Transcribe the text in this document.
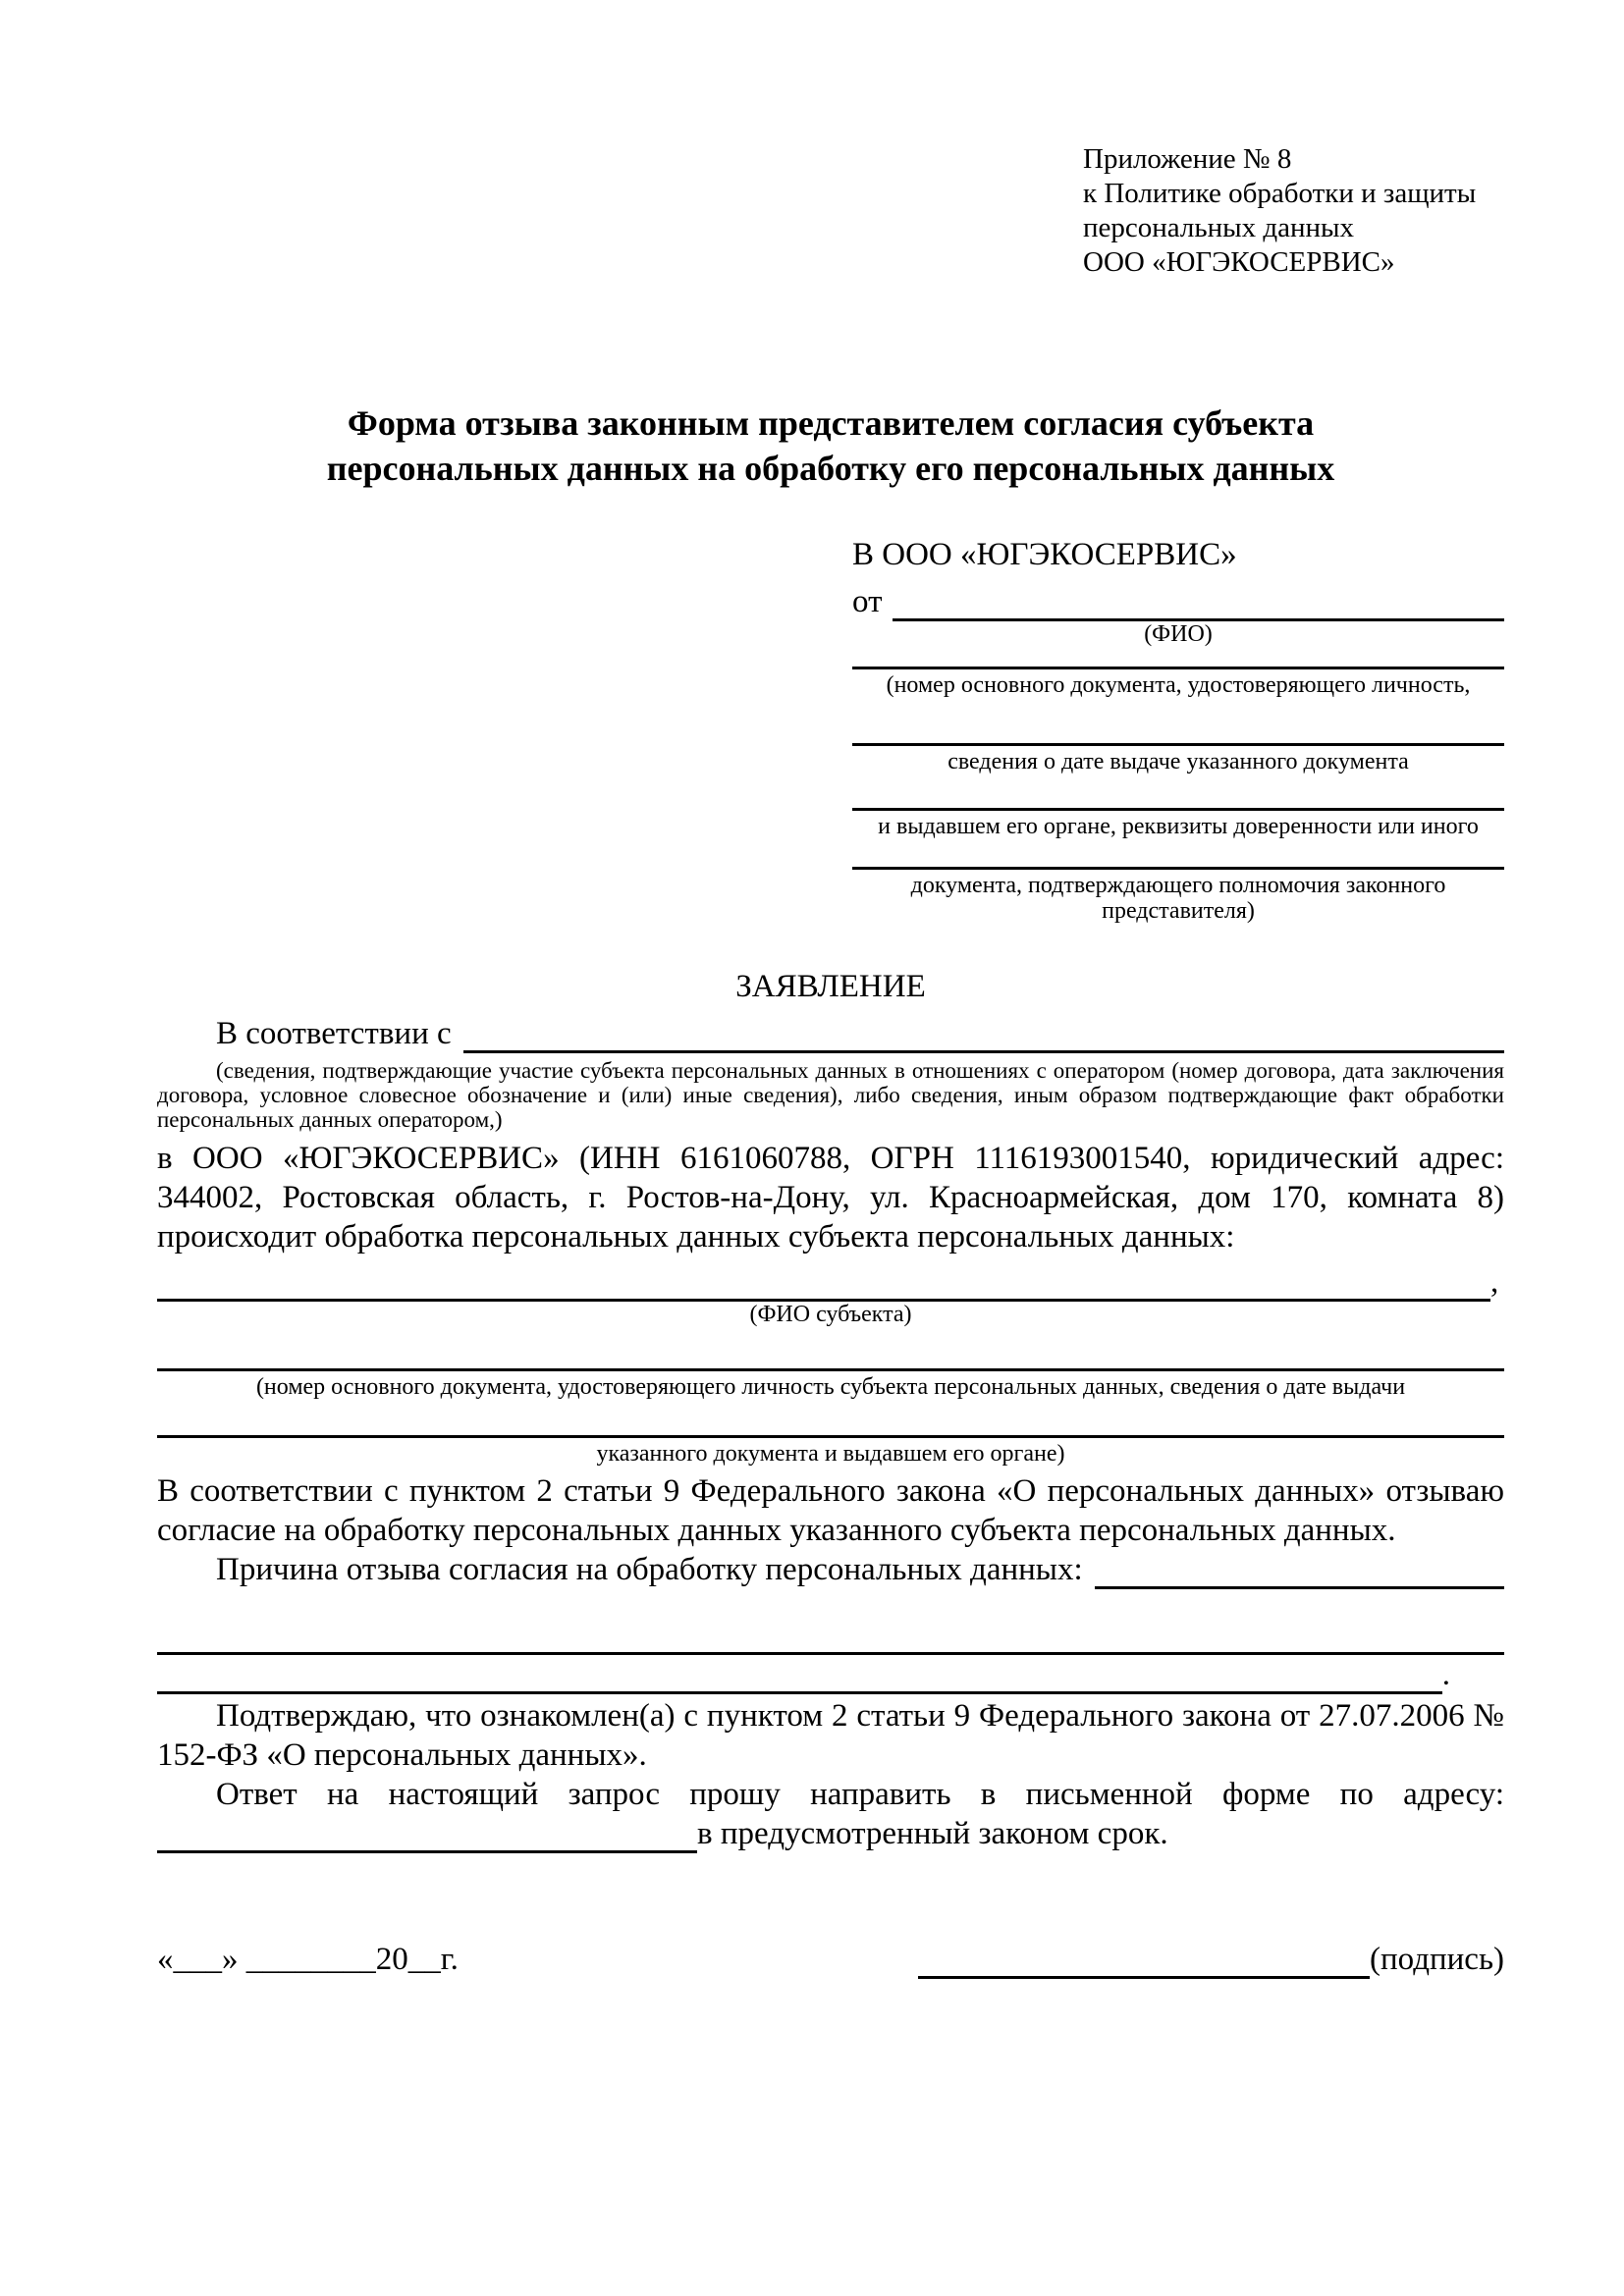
Приложение № 8
к Политике обработки и защиты
персональных данных
ООО «ЮГЭКОСЕРВИС»
Форма отзыва законным представителем согласия субъекта
персональных данных на обработку его персональных данных
В ООО «ЮГЭКОСЕРВИС»
от
(ФИО)
(номер основного документа, удостоверяющего личность,
сведения о дате выдаче указанного документа
и выдавшем его органе, реквизиты доверенности или иного
документа, подтверждающего полномочия законного представителя)
ЗАЯВЛЕНИЕ
В соответствии с
(сведения, подтверждающие участие субъекта персональных данных в отношениях с оператором (номер договора, дата заключения договора, условное словесное обозначение и (или) иные сведения), либо сведения, иным образом подтверждающие факт обработки персональных данных оператором,)
в ООО «ЮГЭКОСЕРВИС» (ИНН 6161060788, ОГРН 1116193001540, юридический адрес: 344002, Ростовская область, г. Ростов-на-Дону, ул. Красноармейская, дом 170, комната 8) происходит обработка персональных данных субъекта персональных данных:
,
(ФИО субъекта)
(номер основного документа, удостоверяющего личность субъекта персональных данных, сведения о дате выдачи
указанного документа и выдавшем его органе)
В соответствии с пунктом 2 статьи 9 Федерального закона «О персональных данных» отзываю согласие на обработку персональных данных указанного субъекта персональных данных.
Причина отзыва согласия на обработку персональных данных:
.
Подтверждаю, что ознакомлен(а) с пунктом 2 статьи 9 Федерального закона от 27.07.2006 № 152-ФЗ «О персональных данных».
Ответ на настоящий запрос прошу направить в письменной форме по адресу:
в предусмотренный законом срок.
«___» ________20__г.	(подпись)
